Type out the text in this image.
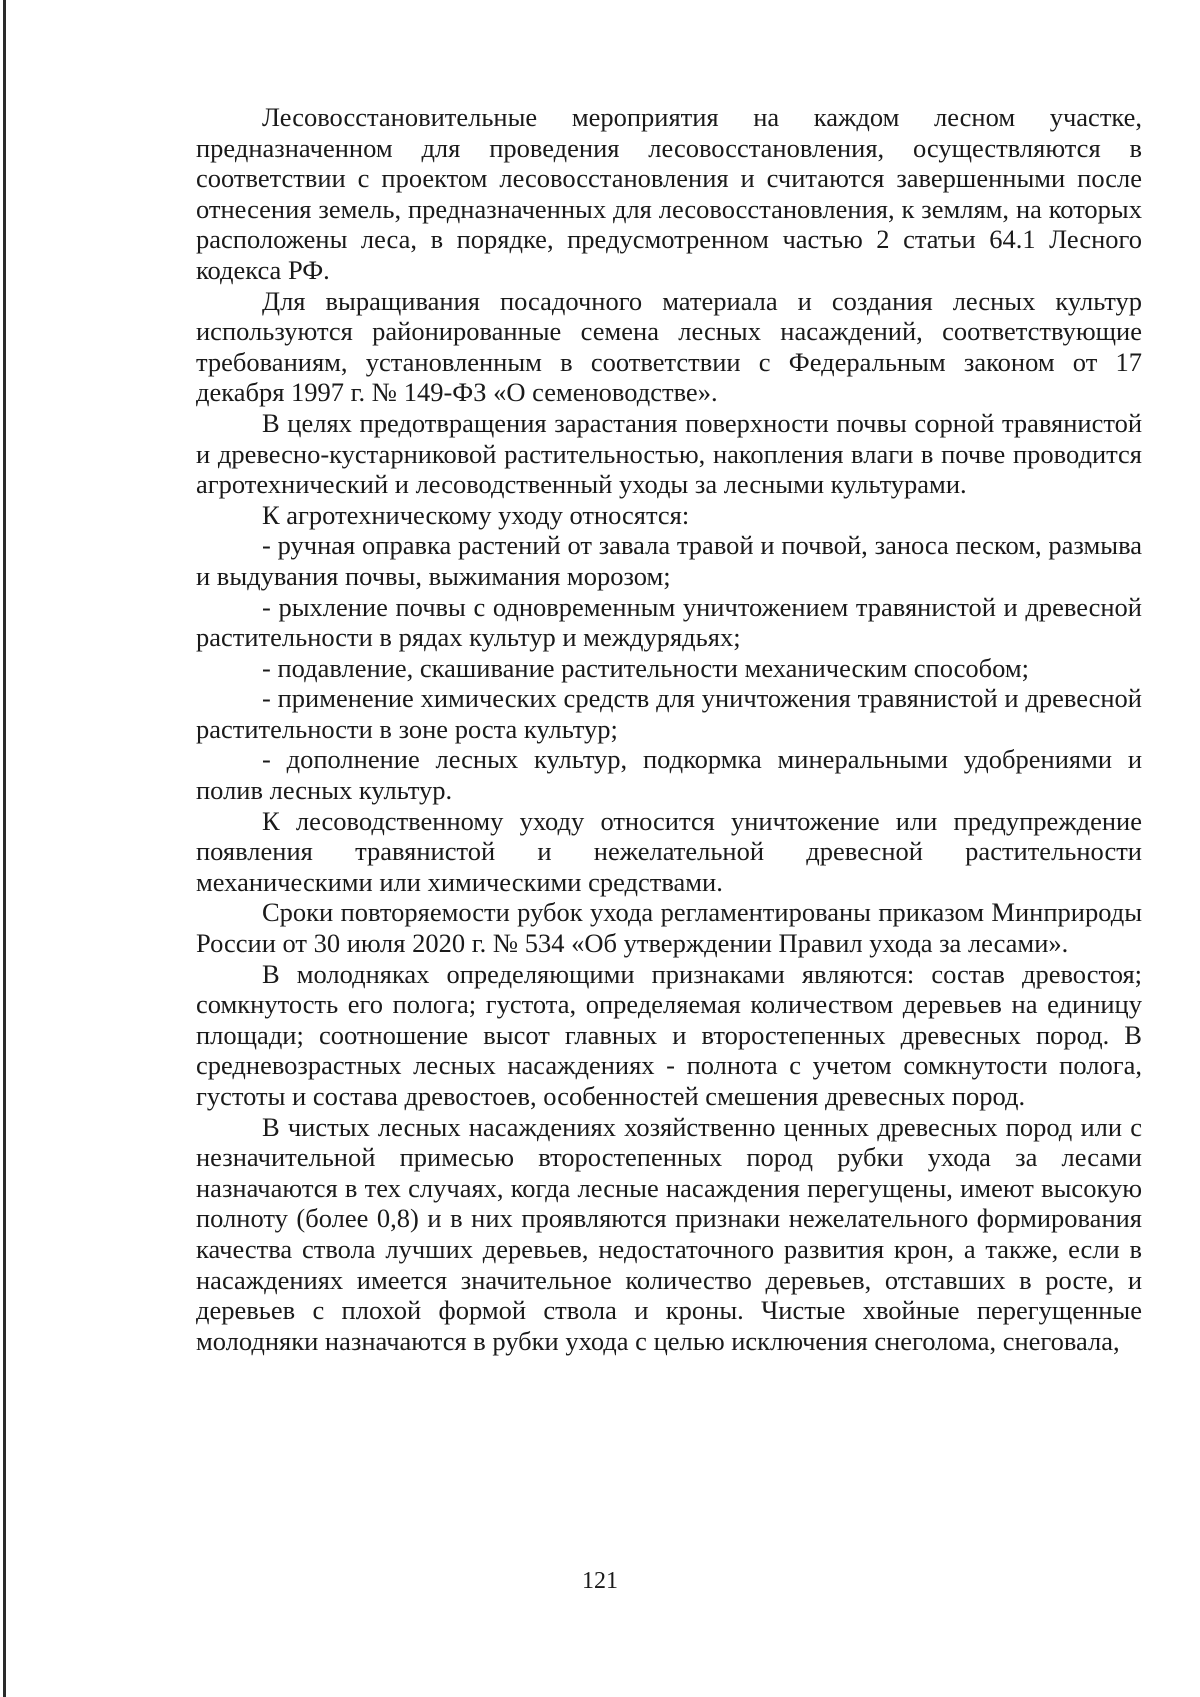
Лесовосстановительные мероприятия на каждом лесном участке, предназначенном для проведения лесовосстановления, осуществляются в соответствии с проектом лесовосстановления и считаются завершенными после отнесения земель, предназначенных для лесовосстановления, к землям, на которых расположены леса, в порядке, предусмотренном частью 2 статьи 64.1 Лесного кодекса РФ.

Для выращивания посадочного материала и создания лесных культур используются районированные семена лесных насаждений, соответствующие требованиям, установленным в соответствии с Федеральным законом от 17 декабря 1997 г. № 149-ФЗ «О семеноводстве».

В целях предотвращения зарастания поверхности почвы сорной травянистой и древесно-кустарниковой растительностью, накопления влаги в почве проводится агротехнический и лесоводственный уходы за лесными культурами.

К агротехническому уходу относятся:

- ручная оправка растений от завала травой и почвой, заноса песком, размыва и выдувания почвы, выжимания морозом;

- рыхление почвы с одновременным уничтожением травянистой и древесной растительности в рядах культур и междурядьях;

- подавление, скашивание растительности механическим способом;

- применение химических средств для уничтожения травянистой и древесной растительности в зоне роста культур;

- дополнение лесных культур, подкормка минеральными удобрениями и полив лесных культур.

К лесоводственному уходу относится уничтожение или предупреждение появления травянистой и нежелательной древесной растительности механическими или химическими средствами.

Сроки повторяемости рубок ухода регламентированы приказом Минприроды России от 30 июля 2020 г. № 534 «Об утверждении Правил ухода за лесами».

В молодняках определяющими признаками являются: состав древостоя; сомкнутость его полога; густота, определяемая количеством деревьев на единицу площади; соотношение высот главных и второстепенных древесных пород. В средневозрастных лесных насаждениях - полнота с учетом сомкнутости полога, густоты и состава древостоев, особенностей смешения древесных пород.

В чистых лесных насаждениях хозяйственно ценных древесных пород или с незначительной примесью второстепенных пород рубки ухода за лесами назначаются в тех случаях, когда лесные насаждения перегущены, имеют высокую полноту (более 0,8) и в них проявляются признаки нежелательного формирования качества ствола лучших деревьев, недостаточного развития крон, а также, если в насаждениях имеется значительное количество деревьев, отставших в росте, и деревьев с плохой формой ствола и кроны. Чистые хвойные перегущенные молодняки назначаются в рубки ухода с целью исключения снеголома, снеговала,

121
